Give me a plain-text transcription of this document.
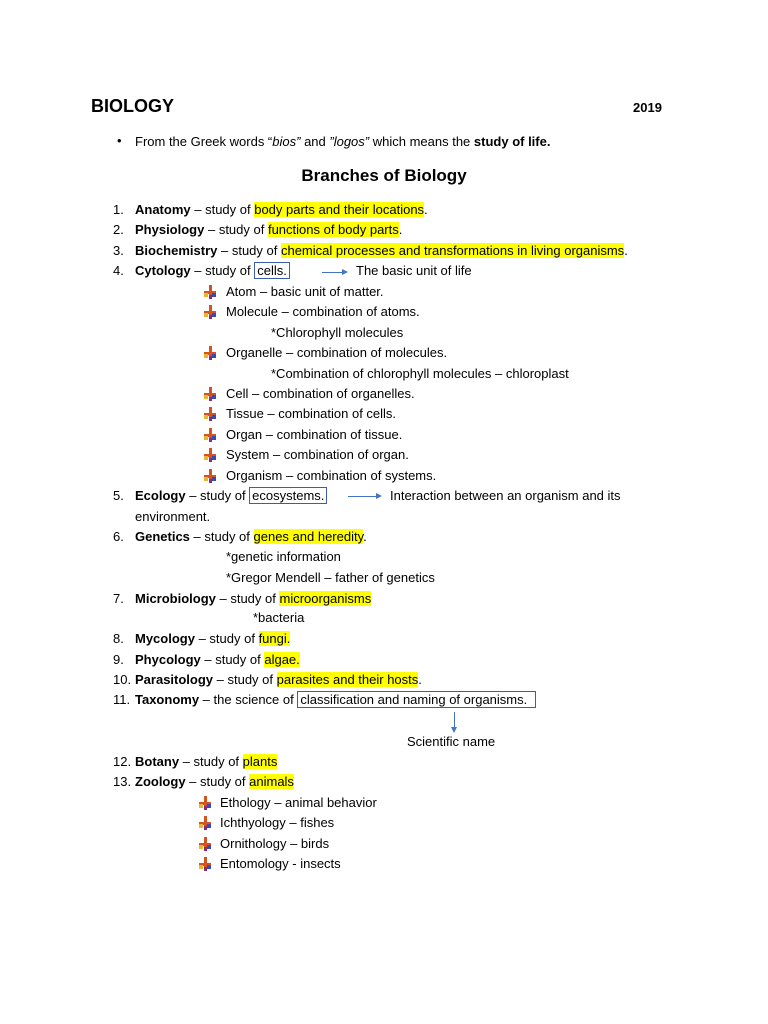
BIOLOGY	2019
• From the Greek words “bios” and ”logos” which means the study of life.
Branches of Biology
1. Anatomy – study of body parts and their locations.
2. Physiology – study of functions of body parts.
3. Biochemistry – study of chemical processes and transformations in living organisms.
4. Cytology – study of cells.	The basic unit of life
Atom – basic unit of matter.
Molecule – combination of atoms.
*Chlorophyll molecules
Organelle – combination of molecules.
*Combination of chlorophyll molecules – chloroplast
Cell – combination of organelles.
Tissue – combination of cells.
Organ – combination of tissue.
System – combination of organ.
Organism – combination of systems.
5. Ecology – study of ecosystems.	Interaction between an organism and its
environment.
6. Genetics – study of genes and heredity.
*genetic information
*Gregor Mendell – father of genetics
7. Microbiology – study of microorganisms
*bacteria
8. Mycology – study of fungi.
9. Phycology – study of algae.
10. Parasitology – study of parasites and their hosts.
11. Taxonomy – the science of classification and naming of organisms.
Scientific name
12. Botany – study of plants
13. Zoology – study of animals
Ethology – animal behavior
Ichthyology – fishes
Ornithology – birds
Entomology - insects
